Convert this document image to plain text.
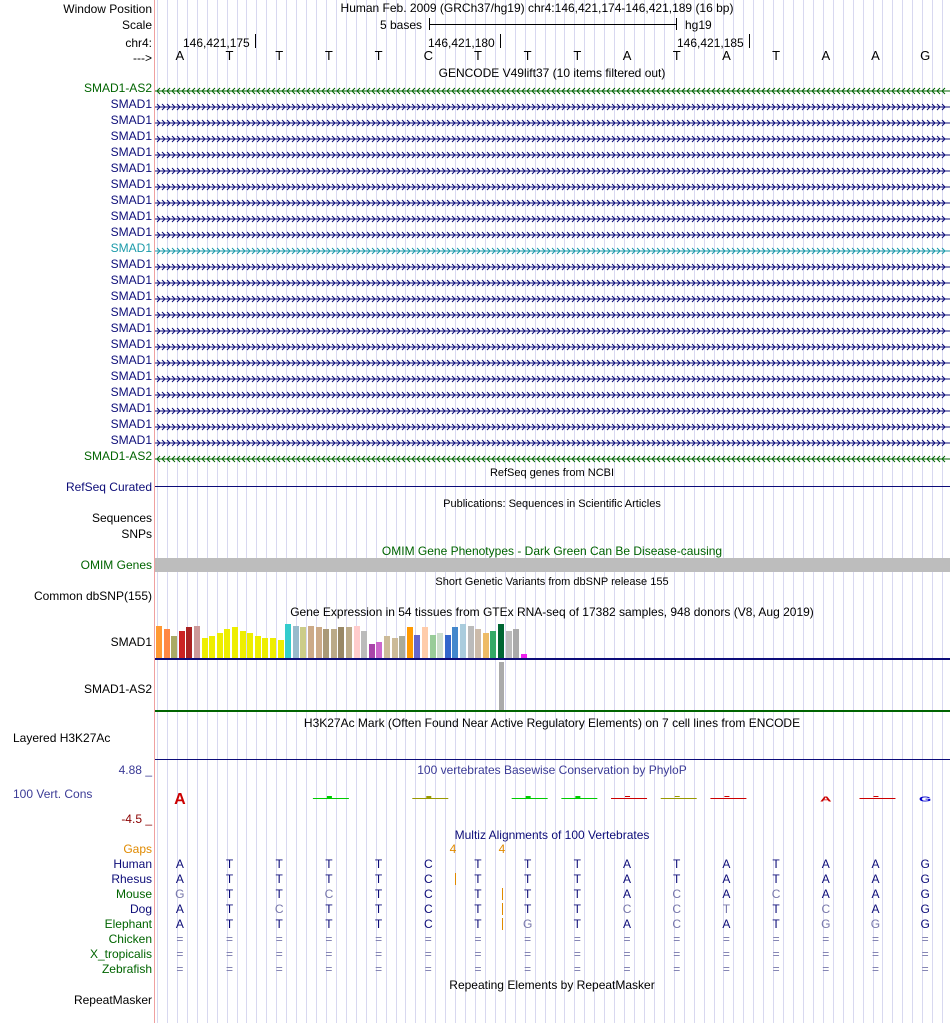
Window Position
Scale
chr4:
--->
SMAD1-AS2
SMAD1
SMAD1
SMAD1
SMAD1
SMAD1
SMAD1
SMAD1
SMAD1
SMAD1
SMAD1
SMAD1
SMAD1
SMAD1
SMAD1
SMAD1
SMAD1
SMAD1
SMAD1
SMAD1
SMAD1
SMAD1
SMAD1
SMAD1-AS2
RefSeq Curated
Sequences
SNPs
OMIM Genes
Common dbSNP(155)
SMAD1
SMAD1-AS2
Layered H3K27Ac
4.88 _
100 Vert. Cons
-4.5 _
Gaps
Human
Rhesus
Mouse
Dog
Elephant
Chicken
X_tropicalis
Zebrafish
RepeatMasker
Human Feb. 2009 (GRCh37/hg19) chr4:146,421,174-146,421,189 (16 bp)
5 bases	hg19
146,421,175	146,421,180	146,421,185
A	T	T	T	T	C	T	T	T	A	T	A	T	A	A	G
GENCODE V49lift37 (10 items filtered out)
RefSeq genes from NCBI
Publications: Sequences in Scientific Articles
OMIM Gene Phenotypes - Dark Green Can Be Disease-causing
Short Genetic Variants from dbSNP release 155
Gene Expression in 54 tissues from GTEx RNA-seq of 17382 samples, 948 donors (V8, Aug 2019)
H3K27Ac Mark (Often Found Near Active Regulatory Elements) on 7 cell lines from ENCODE
100 vertebrates Basewise Conservation by PhyloP
A	A	G
Multiz Alignments of 100 Vertebrates
4	4
A	T	T	T	T	C	T	T	T	A	T	A	T	A	A	G
A	T	T	T	T	C	T	T	T	A	T	A	T	A	A	G
G	T	T	C	T	C	T	T	T	A	C	A	C	A	A	G
A	T	C	T	T	C	T	T	T	C	C	T	T	C	A	G
A	T	T	T	T	C	T	G	T	A	C	A	T	G	G	G
=	=	=	=	=	=	=	=	=	=	=	=	=	=	=	=
=	=	=	=	=	=	=	=	=	=	=	=	=	=	=	=
=	=	=	=	=	=	=	=	=	=	=	=	=	=	=	=
Repeating Elements by RepeatMasker
